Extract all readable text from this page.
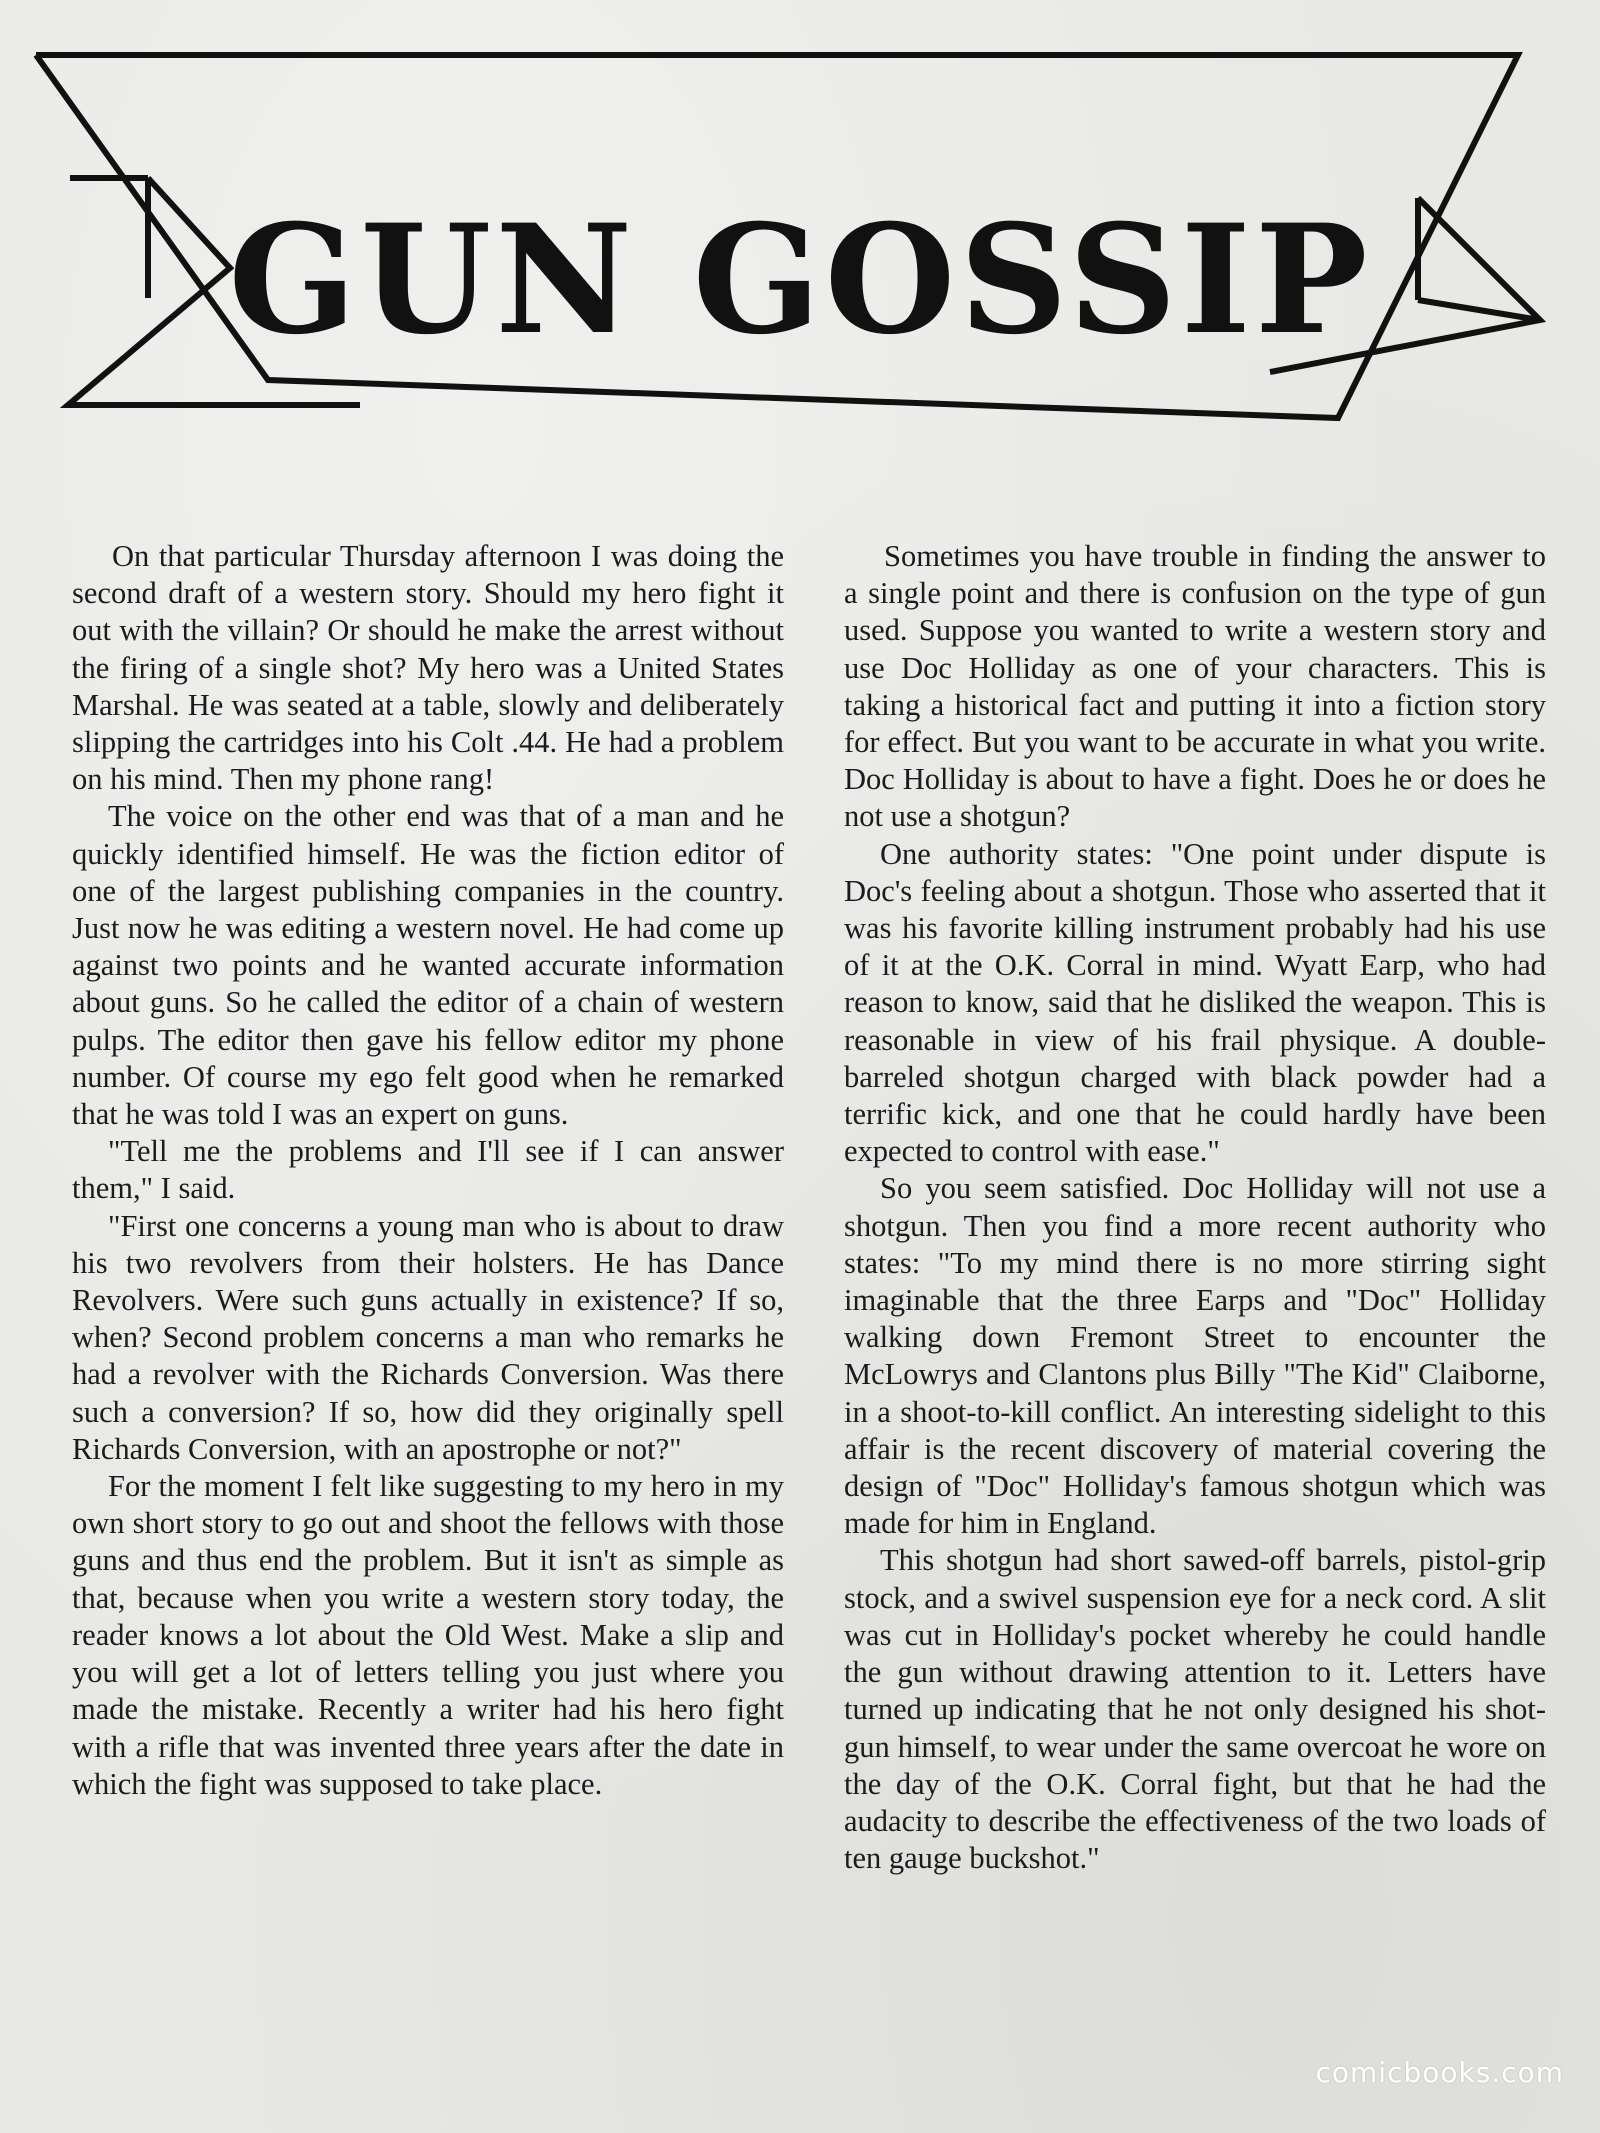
GUN GOSSIP

On that particular Thursday afternoon I was doing the second draft of a western story. Should my hero fight it out with the villain? Or should he make the arrest without the firing of a single shot? My hero was a United States Marshal. He was seated at a table, slowly and deliberately slipping the cartridges into his Colt .44. He had a problem on his mind. Then my phone rang!

The voice on the other end was that of a man and he quickly identified himself. He was the fiction editor of one of the largest publishing companies in the country. Just now he was editing a western novel. He had come up against two points and he wanted accurate information about guns. So he called the editor of a chain of western pulps. The editor then gave his fellow editor my phone number. Of course my ego felt good when he remarked that he was told I was an expert on guns.

"Tell me the problems and I'll see if I can answer them," I said.

"First one concerns a young man who is about to draw his two revolvers from their holsters. He has Dance Revolvers. Were such guns actually in existence? If so, when? Second problem concerns a man who remarks he had a revolver with the Richards Conversion. Was there such a conversion? If so, how did they originally spell Richards Conversion, with an apostrophe or not?"

For the moment I felt like suggesting to my hero in my own short story to go out and shoot the fellows with those guns and thus end the problem. But it isn't as simple as that, because when you write a western story today, the reader knows a lot about the Old West. Make a slip and you will get a lot of letters telling you just where you made the mistake. Recently a writer had his hero fight with a rifle that was invented three years after the date in which the fight was supposed to take place.

Sometimes you have trouble in finding the answer to a single point and there is confusion on the type of gun used. Suppose you wanted to write a western story and use Doc Holliday as one of your characters. This is taking a historical fact and putting it into a fiction story for effect. But you want to be accurate in what you write. Doc Holliday is about to have a fight. Does he or does he not use a shotgun?

One authority states: "One point under dispute is Doc's feeling about a shotgun. Those who asserted that it was his favorite killing instrument probably had his use of it at the O.K. Corral in mind. Wyatt Earp, who had reason to know, said that he disliked the weapon. This is reasonable in view of his frail physique. A double-barreled shotgun charged with black powder had a terrific kick, and one that he could hardly have been expected to control with ease."

So you seem satisfied. Doc Holliday will not use a shotgun. Then you find a more recent authority who states: "To my mind there is no more stirring sight imaginable that the three Earps and "Doc" Holliday walking down Fremont Street to encounter the McLowrys and Clantons plus Billy "The Kid" Claiborne, in a shoot-to-kill conflict. An interesting sidelight to this affair is the recent discovery of material covering the design of "Doc" Holliday's famous shotgun which was made for him in England.

This shotgun had short sawed-off barrels, pistol-grip stock, and a swivel suspension eye for a neck cord. A slit was cut in Holliday's pocket whereby he could handle the gun without drawing attention to it. Letters have turned up indicating that he not only designed his shotgun himself, to wear under the same overcoat he wore on the day of the O.K. Corral fight, but that he had the audacity to describe the effectiveness of the two loads of ten gauge buckshot."

comicbooks.com
